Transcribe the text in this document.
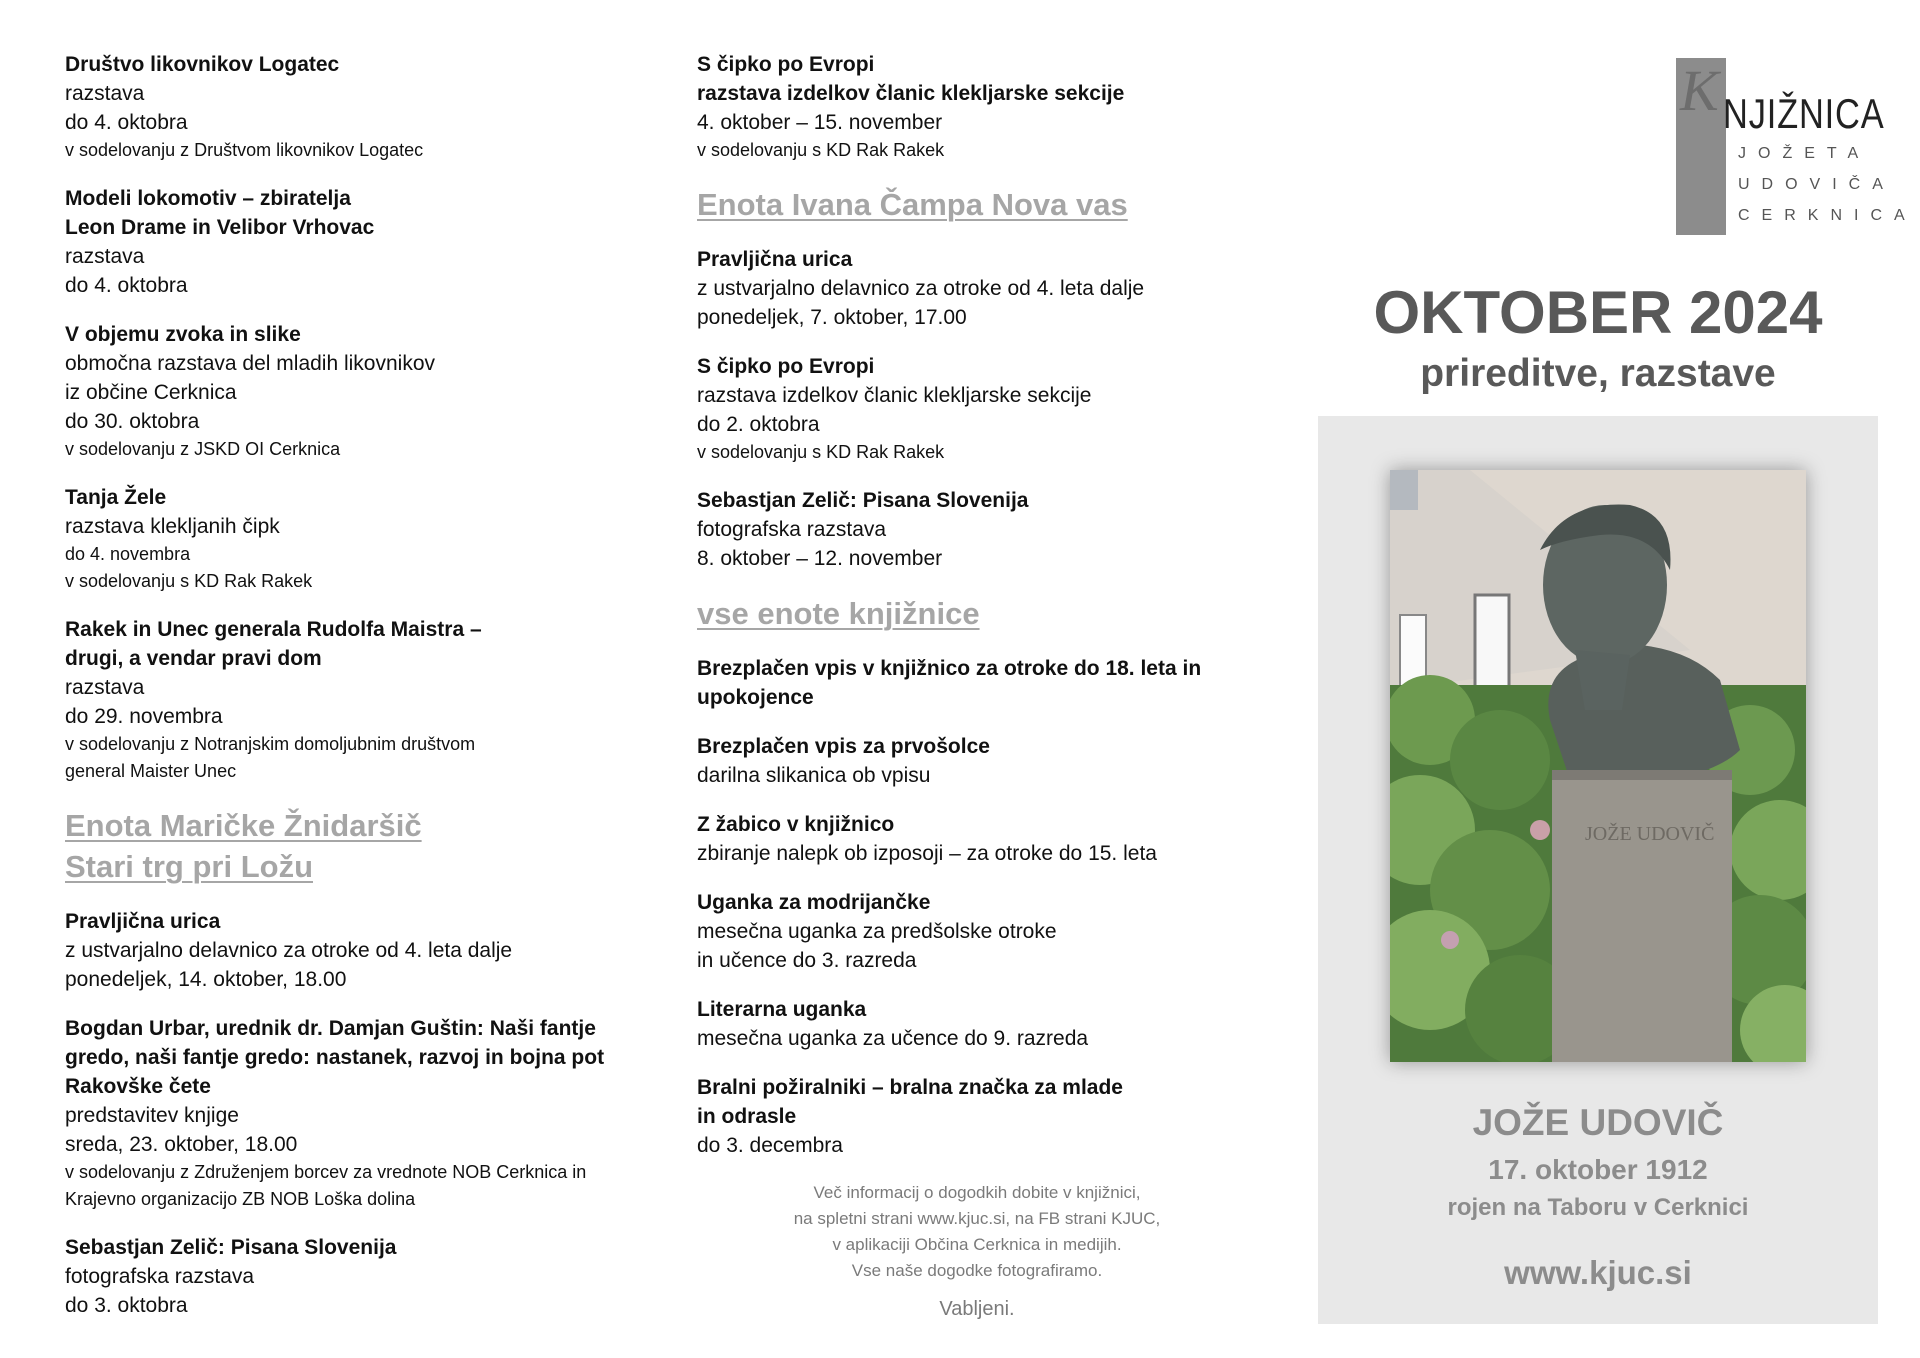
Društvo likovnikov Logatec
razstava
do 4. oktobra
v sodelovanju z Društvom likovnikov Logatec
Modeli lokomotiv – zbiratelja
Leon Drame in Velibor Vrhovac
razstava
do 4. oktobra
V objemu zvoka in slike
območna razstava del mladih likovnikov
iz občine Cerknica
do 30. oktobra
v sodelovanju z JSKD OI Cerknica
Tanja Žele
razstava klekljanih čipk
do 4. novembra
v sodelovanju s KD Rak Rakek
Rakek in Unec generala Rudolfa Maistra –
drugi, a vendar pravi dom
razstava
do 29. novembra
v sodelovanju z Notranjskim domoljubnim društvom
general Maister Unec
Enota Maričke Žnidaršič
Stari trg pri Ložu
Pravljična urica
z ustvarjalno delavnico za otroke od 4. leta dalje
ponedeljek, 14. oktober, 18.00
Bogdan Urbar, urednik dr. Damjan Guštin: Naši fantje
gredo, naši fantje gredo: nastanek, razvoj in bojna pot
Rakovške čete
predstavitev knjige
sreda, 23. oktober, 18.00
v sodelovanju z Združenjem borcev za vrednote NOB Cerknica in
Krajevno organizacijo ZB NOB Loška dolina
Sebastjan Zelič: Pisana Slovenija
fotografska razstava
do 3. oktobra
S čipko po Evropi
razstava izdelkov članic klekljarske sekcije
4. oktober – 15. november
v sodelovanju s KD Rak Rakek
Enota Ivana Čampa Nova vas
Pravljična urica
z ustvarjalno delavnico za otroke od 4. leta dalje
ponedeljek, 7. oktober, 17.00
S čipko po Evropi
razstava izdelkov članic klekljarske sekcije
do 2. oktobra
v sodelovanju s KD Rak Rakek
Sebastjan Zelič: Pisana Slovenija
fotografska razstava
8. oktober – 12. november
vse enote knjižnice
Brezplačen vpis v knjižnico za otroke do 18. leta in
upokojence
Brezplačen vpis za prvošolce
darilna slikanica ob vpisu
Z žabico v knjižnico
zbiranje nalepk ob izposoji – za otroke do 15. leta
Uganka za modrijančke
mesečna uganka za predšolske otroke
in učence do 3. razreda
Literarna uganka
mesečna uganka za učence do 9. razreda
Bralni požiralniki – bralna značka za mlade
in odrasle
do 3. decembra
Več informacij o dogodkih dobite v knjižnici,
na spletni strani www.kjuc.si, na FB strani KJUC,
v aplikaciji Občina Cerknica in medijih.
Vse naše dogodke fotografiramo.
Vabljeni.
K NJIŽNICA
JOŽETA
UDOVIČA
CERKNICA
OKTOBER 2024
prireditve, razstave
JOŽE UDOVIČ
JOŽE UDOVIČ
17. oktober 1912
rojen na Taboru v Cerknici
www.kjuc.si
